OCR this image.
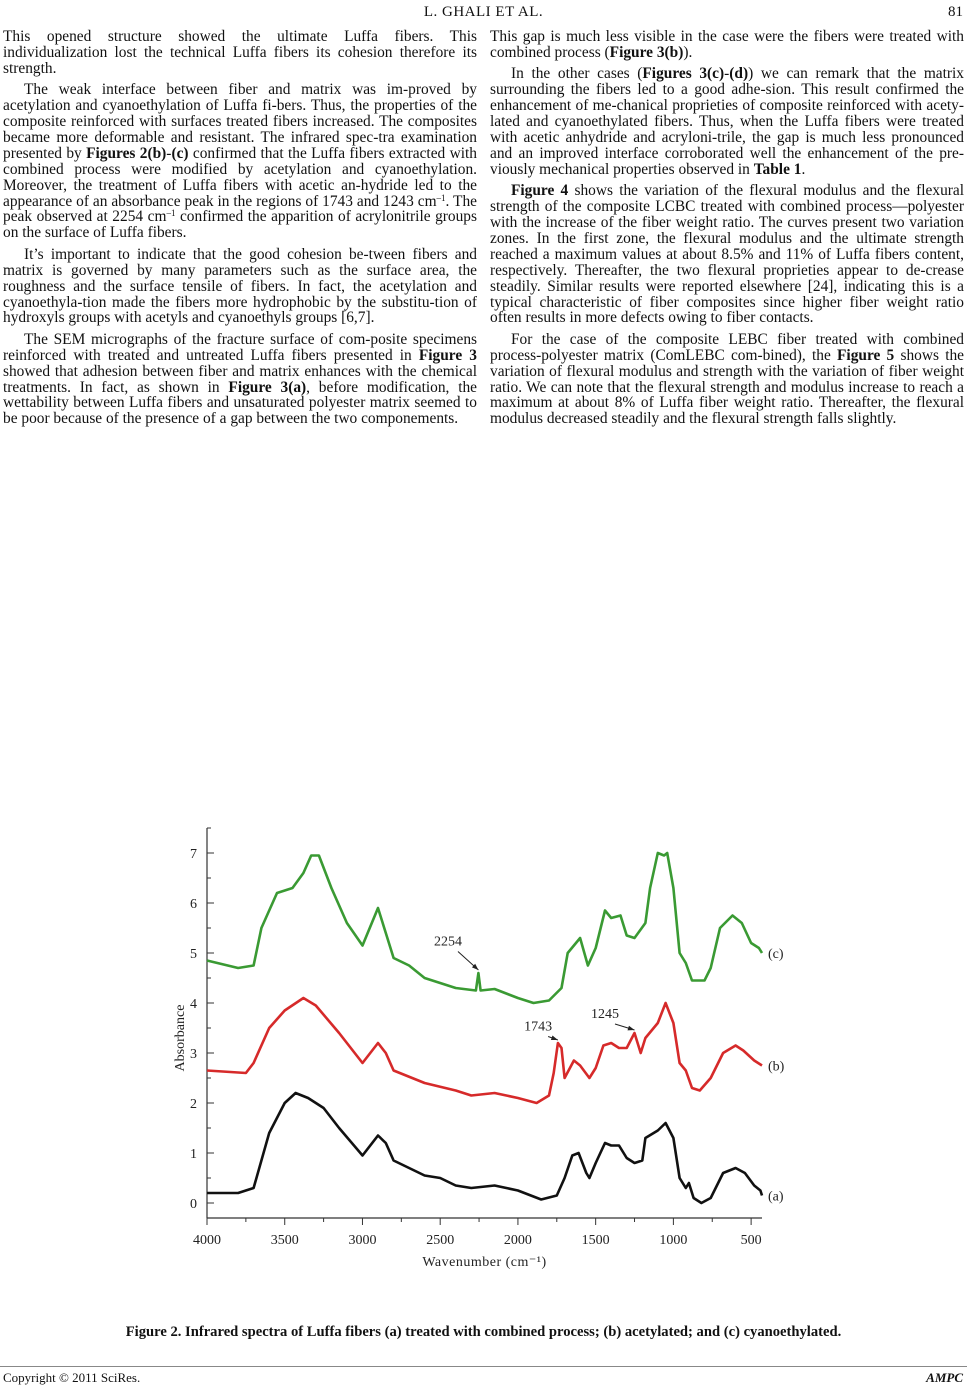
L. GHALI ET AL.	81

This opened structure showed the ultimate Luffa fibers. This individualization lost the technical Luffa fibers its cohesion therefore its strength.

The weak interface between fiber and matrix was im-proved by acetylation and cyanoethylation of Luffa fi-bers. Thus, the properties of the composite reinforced with surfaces treated fibers increased. The composites became more deformable and resistant. The infrared spec-tra examination presented by Figures 2(b)-(c) confirmed that the Luffa fibers extracted with combined process were modified by acetylation and cyanoethylation. Moreover, the treatment of Luffa fibers with acetic an-hydride led to the appearance of an absorbance peak in the regions of 1743 and 1243 $cm^{-1}$. The peak observed at 2254 $cm^{-1}$ confirmed the apparition of acrylonitrile groups on the surface of Luffa fibers.

It’s important to indicate that the good cohesion be-tween fibers and matrix is governed by many parameters such as the surface area, the roughness and the surface tensile of fibers. In fact, the acetylation and cyanoethyla-tion made the fibers more hydrophobic by the substitu-tion of hydroxyls groups with acetyls and cyanoethyls groups [6,7].

The SEM micrographs of the fracture surface of com-posite specimens reinforced with treated and untreated Luffa fibers presented in Figure 3 showed that adhesion between fiber and matrix enhances with the chemical treatments. In fact, as shown in Figure 3(a), before modification, the wettability between Luffa fibers and unsaturated polyester matrix seemed to be poor because of the presence of a gap between the two componements.

This gap is much less visible in the case were the fibers were treated with combined process (Figure 3(b)).

In the other cases (Figures 3(c)-(d)) we can remark that the matrix surrounding the fibers led to a good adhe-sion. This result confirmed the enhancement of me-chanical proprieties of composite reinforced with acety-lated and cyanoethylated fibers. Thus, when the Luffa fibers were treated with acetic anhydride and acryloni-trile, the gap is much less pronounced and an improved interface corroborated well the enhancement of the pre-viously mechanical properties observed in Table 1.

Figure 4 shows the variation of the flexural modulus and the flexural strength of the composite LCBC treated with combined process—polyester with the increase of the fiber weight ratio. The curves present two variation zones. In the first zone, the flexural modulus and the ultimate strength reached a maximum values at about 8.5% and 11% of Luffa fibers content, respectively. Thereafter, the two flexural proprieties appear to de-crease steadily. Similar results were reported elsewhere [24], indicating this is a typical characteristic of fiber composites since higher fiber weight ratio often results in more defects owing to fiber contacts.

For the case of the composite LEBC fiber treated with combined process-polyester matrix (ComLEBC com-bined), the Figure 5 shows the variation of flexural modulus and strength with the variation of fiber weight ratio. We can note that the flexural strength and modulus increase to reach a maximum at about 8% of Luffa fiber weight ratio. Thereafter, the flexural modulus decreased steadily and the flexural strength falls slightly.

0
1
2
3
4
5
6
7
4000	3500	3000	2500	2000	1500	1000	500
Wavenumber (cm⁻¹)
Absorbance
(a)
(b)
(c)
2254
1743
1245
Figure 2. Infrared spectra of Luffa fibers (a) treated with combined process; (b) acetylated; and (c) cyanoethylated.
Copyright © 2011 SciRes.	AMPC
